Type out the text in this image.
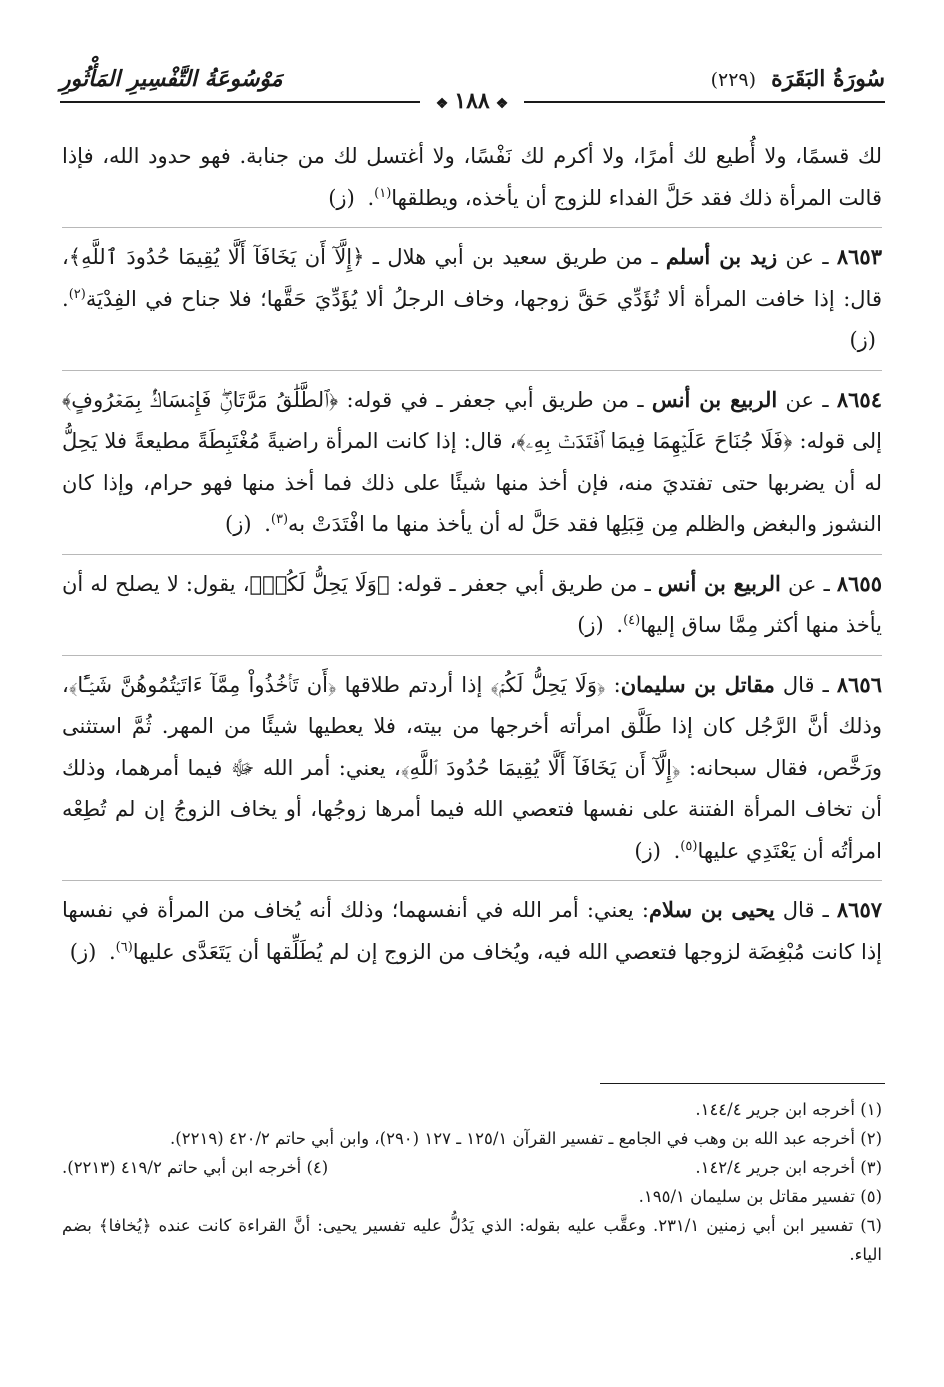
سُورَةُ البَقَرَة (٢٢٩)
مَوْسُوعَةُ التَّفْسِيرِ المَأْثُورِ
❖١٨٨❖

لك قسمًا، ولا أُطيع لك أمرًا، ولا أكرم لك نَفْسًا، ولا أغتسل لك من جنابة. فهو حدود الله، فإذا قالت المرأة ذلك فقد حَلَّ الفداء للزوج أن يأخذه، ويطلقها$^{(١)}$. (ز)

٨٦٥٣ ـ عن زيد بن أسلم ـ من طريق سعيد بن أبي هلال ـ ﴿إِلَّآ أَن يَخَافَآ أَلَّا يُقِيمَا حُدُودَ ٱللَّهِ﴾، قال: إذا خافت المرأة ألا تُؤَدِّي حَقَّ زوجها، وخاف الرجلُ ألا يُؤَدِّيَ حَقَّها؛ فلا جناح في الفِدْيَة$^{(٢)}$. (ز)

٨٦٥٤ ـ عن الربيع بن أنس ـ من طريق أبي جعفر ـ في قوله: ﴿ٱلطَّلَٰقُ مَرَّتَانِۖ فَإِمۡسَاكُۢ بِمَعۡرُوفٍ﴾ إلى قوله: ﴿فَلَا جُنَاحَ عَلَيۡهِمَا فِيمَا ٱفۡتَدَتۡ بِهِۦ﴾، قال: إذا كانت المرأة راضيةً مُغْتَبِطَةً مطيعةً فلا يَحِلُّ له أن يضربها حتى تفتديَ منه، فإن أخذ منها شيئًا على ذلك فما أخذ منها فهو حرام، وإذا كان النشوز والبغض والظلم مِن قِبَلِها فقد حَلَّ له أن يأخذ منها ما افْتَدَتْ به$^{(٣)}$. (ز)

٨٦٥٥ ـ عن الربيع بن أنس ـ من طريق أبي جعفر ـ قوله: ﴿وَلَا يَحِلُّ لَكُمۡ﴾، يقول: لا يصلح له أن يأخذ منها أكثر مِمَّا ساق إليها$^{(٤)}$. (ز)

٨٦٥٦ ـ قال مقاتل بن سليمان: ﴿وَلَا يَحِلُّ لَكُمۡ﴾ إذا أردتم طلاقها ﴿أَن تَأۡخُذُواْ مِمَّآ ءَاتَيۡتُمُوهُنَّ شَيۡـًٔا﴾، وذلك أنَّ الرَّجُل كان إذا طَلَّق امرأته أخرجها من بيته، فلا يعطيها شيئًا من المهر. ثُمَّ استثنى ورَخَّص، فقال سبحانه: ﴿إِلَّآ أَن يَخَافَآ أَلَّا يُقِيمَا حُدُودَ ٱللَّهِ﴾، يعني: أمر الله ﷻ فيما أمرهما، وذلك أن تخاف المرأة الفتنة على نفسها فتعصي الله فيما أمرها زوجُها، أو يخاف الزوجُ إن لم تُطِعْه امرأتُه أن يَعْتَدِي عليها$^{(٥)}$. (ز)

٨٦٥٧ ـ قال يحيى بن سلام: يعني: أمر الله في أنفسهما؛ وذلك أنه يُخاف من المرأة في نفسها إذا كانت مُبْغِضَة لزوجها فتعصي الله فيه، ويُخاف من الزوج إن لم يُطَلِّقها أن يَتَعَدَّى عليها$^{(٦)}$. (ز)

(١) أخرجه ابن جرير ١٤٤/٤.

(٢) أخرجه عبد الله بن وهب في الجامع ـ تفسير القرآن ١٢٥/١ ـ ١٢٧ (٢٩٠)، وابن أبي حاتم ٤٢٠/٢ (٢٢١٩).

(٣) أخرجه ابن جرير ١٤٢/٤.

(٤) أخرجه ابن أبي حاتم ٤١٩/٢ (٢٢١٣).

(٥) تفسير مقاتل بن سليمان ١٩٥/١.

(٦) تفسير ابن أبي زمنين ٢٣١/١. وعقَّب عليه بقوله: الذي يَدُلُّ عليه تفسير يحيى: أنَّ القراءة كانت عنده ﴿يُخافا﴾ بضم الياء.
